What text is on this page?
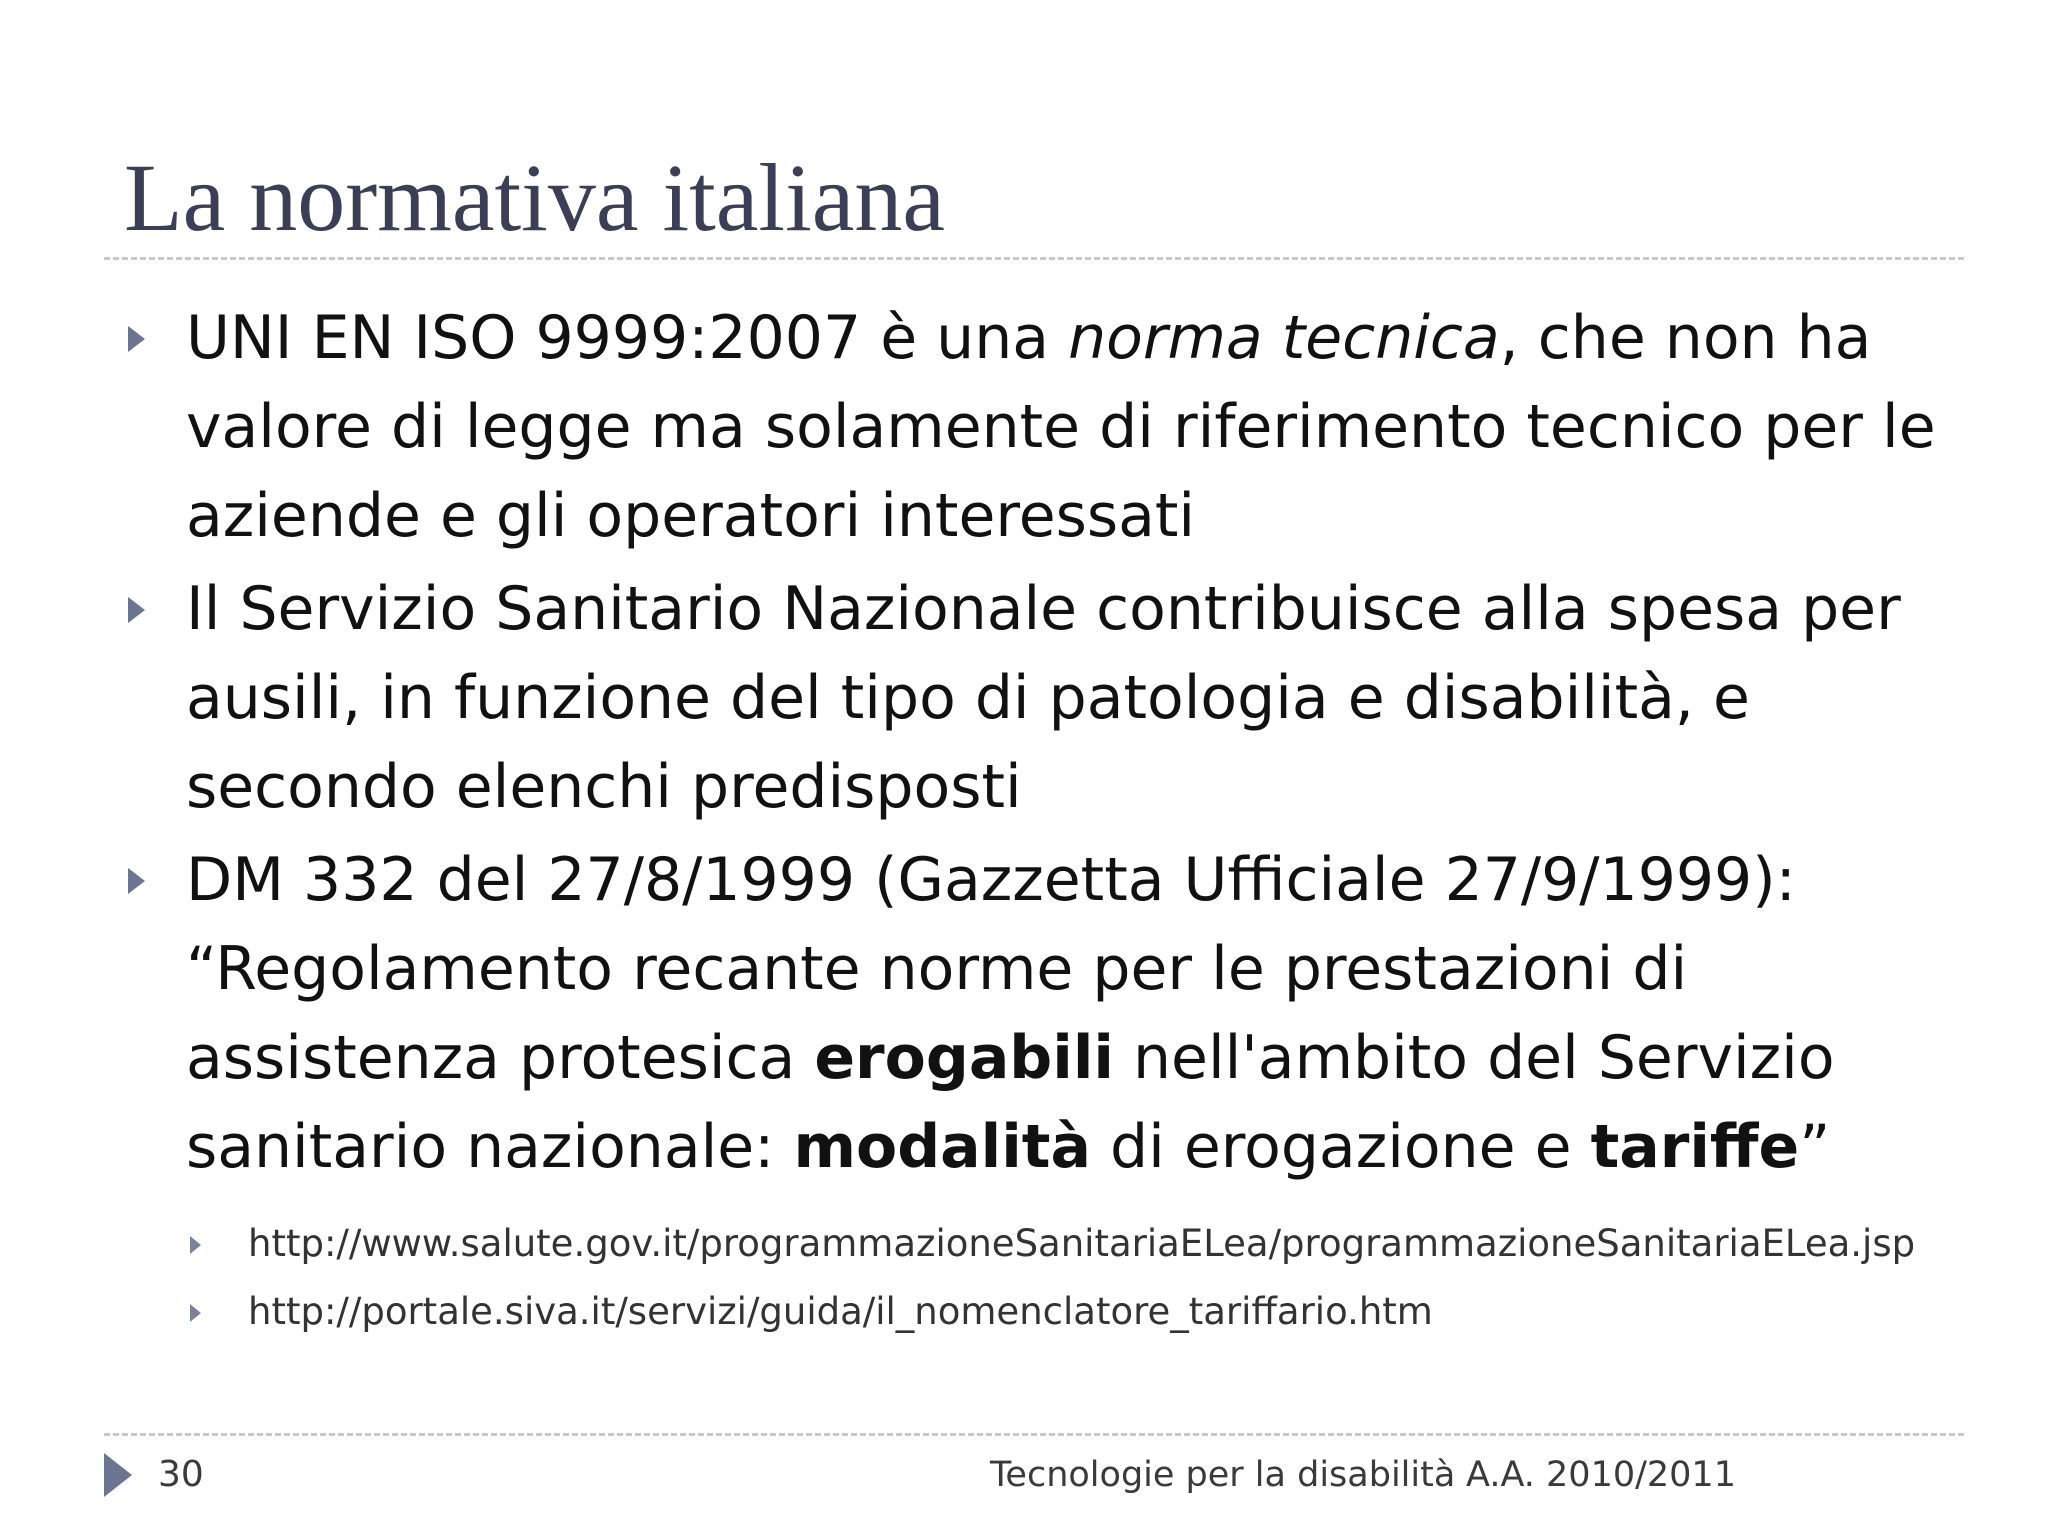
La normativa italiana
UNI EN ISO 9999:2007 è una norma tecnica, che non ha valore di legge ma solamente di riferimento tecnico per le aziende e gli operatori interessati
Il Servizio Sanitario Nazionale contribuisce alla spesa per ausili, in funzione del tipo di patologia e disabilità, e secondo elenchi predisposti
DM 332 del 27/8/1999 (Gazzetta Ufficiale 27/9/1999): “Regolamento recante norme per le prestazioni di assistenza protesica erogabili nell'ambito del Servizio sanitario nazionale: modalità di erogazione e tariffe”
http://www.salute.gov.it/programmazioneSanitariaELea/programmazioneSanitariaELea.jsp
http://portale.siva.it/servizi/guida/il_nomenclatore_tariffario.htm
30	Tecnologie per la disabilità A.A. 2010/2011
